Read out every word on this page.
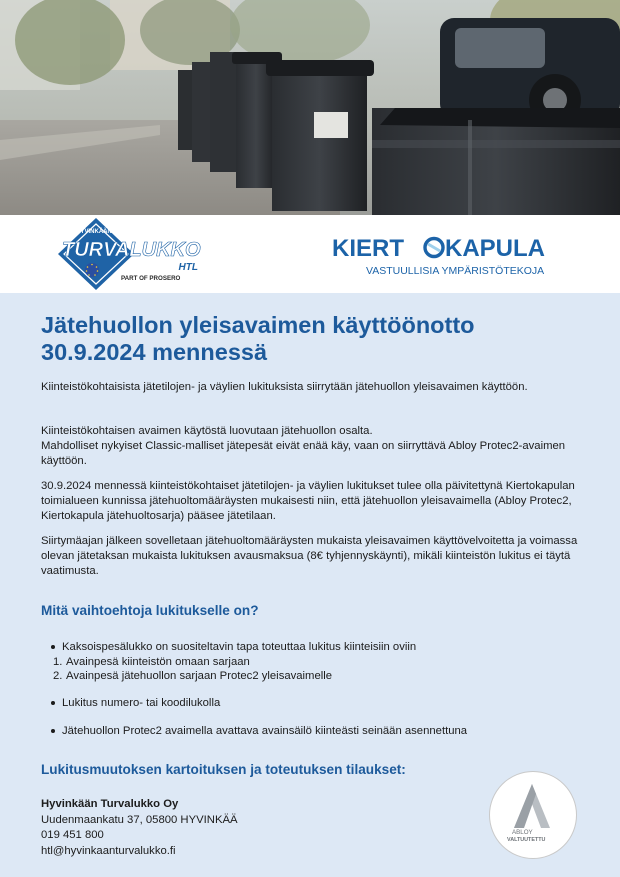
HYVINKÄÄN
TURVALUKKO
HTL
PART OF PROSERO
KIERT KAPULA
VASTUULLISIA YMPÄRISTÖTEKOJA
Jätehuollon yleisavaimen käyttöönotto
30.9.2024 mennessä

Kiinteistökohtaisista jätetilojen- ja väylien lukituksista siirrytään jätehuollon yleisavaimen käyttöön.

Kiinteistökohtaisen avaimen käytöstä luovutaan jätehuollon osalta.
Mahdolliset nykyiset Classic-malliset jätepesät eivät enää käy, vaan on siirryttävä Abloy Protec2-avaimen käyttöön.

30.9.2024 mennessä kiinteistökohtaiset jätetilojen- ja väylien lukitukset tulee olla päivitettynä Kiertokapulan toimialueen kunnissa jätehuoltomääräysten mukaisesti niin, että jätehuollon yleisavaimella (Abloy Protec2, Kiertokapula jätehuoltosarja) pääsee jätetilaan.

Siirtymäajan jälkeen sovelletaan jätehuoltomääräysten mukaista yleisavaimen käyttövelvoitetta ja voimassa olevan jätetaksan mukaista lukituksen avausmaksua (8€ tyhjennyskäynti), mikäli kiinteistön lukitus ei täytä vaatimusta.

Mitä vaihtoehtoja lukitukselle on?
Kaksoispesälukko on suositeltavin tapa toteuttaa lukitus kiinteisiin oviin
1. Avainpesä kiinteistön omaan sarjaan
2. Avainpesä jätehuollon sarjaan Protec2 yleisavaimelle
Lukitus numero- tai koodilukolla
Jätehuollon Protec2 avaimella avattava avainsäilö kiinteästi seinään asennettuna
Lukitusmuutoksen kartoituksen ja toteutuksen tilaukset:
Hyvinkään Turvalukko Oy
Uudenmaankatu 37, 05800 HYVINKÄÄ
019 451 800
htl@hyvinkaanturvalukko.fi
ABLOY
VALTUUTETTU
